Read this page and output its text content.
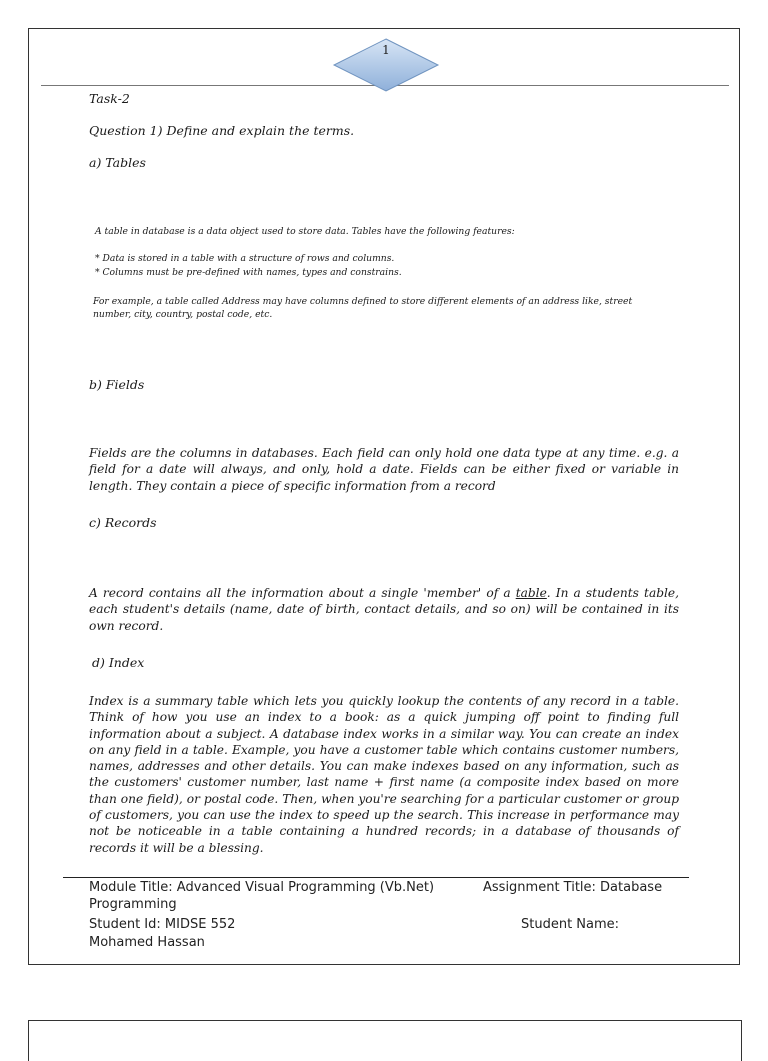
1

Task-2

Question 1) Define and explain the terms.

a) Tables

A table in database is a data object used to store data. Tables have the following features:

* Data is stored in a table with a structure of rows and columns.

* Columns must be pre-defined with names, types and constrains.

For example, a table called Address may have columns defined to store different elements of an address like, street number, city, country, postal code, etc.

b) Fields

Fields are the columns in databases. Each field can only hold one data type at any time. e.g. a field for a date will always, and only, hold a date. Fields can be either fixed or variable in length. They contain a piece of specific information from a record

c) Records

A record contains all the information about a single 'member' of a table. In a students table, each student's details (name, date of birth, contact details, and so on) will be contained in its own record.

d) Index

Index is a summary table which lets you quickly lookup the contents of any record in a table. Think of how you use an index to a book: as a quick jumping off point to finding full information about a subject. A database index works in a similar way. You can create an index on any field in a table. Example, you have a customer table which contains customer numbers, names, addresses and other details. You can make indexes based on any information, such as the customers' customer number, last name + first name (a composite index based on more than one field), or postal code. Then, when you're searching for a particular customer or group of customers, you can use the index to speed up the search. This increase in performance may not be noticeable in a table containing a hundred records; in a database of thousands of records it will be a blessing.

Module Title: Advanced Visual Programming (Vb.Net)	Assignment Title: Database
Programming
Student Id: MIDSE 552	Student Name:
Mohamed Hassan
